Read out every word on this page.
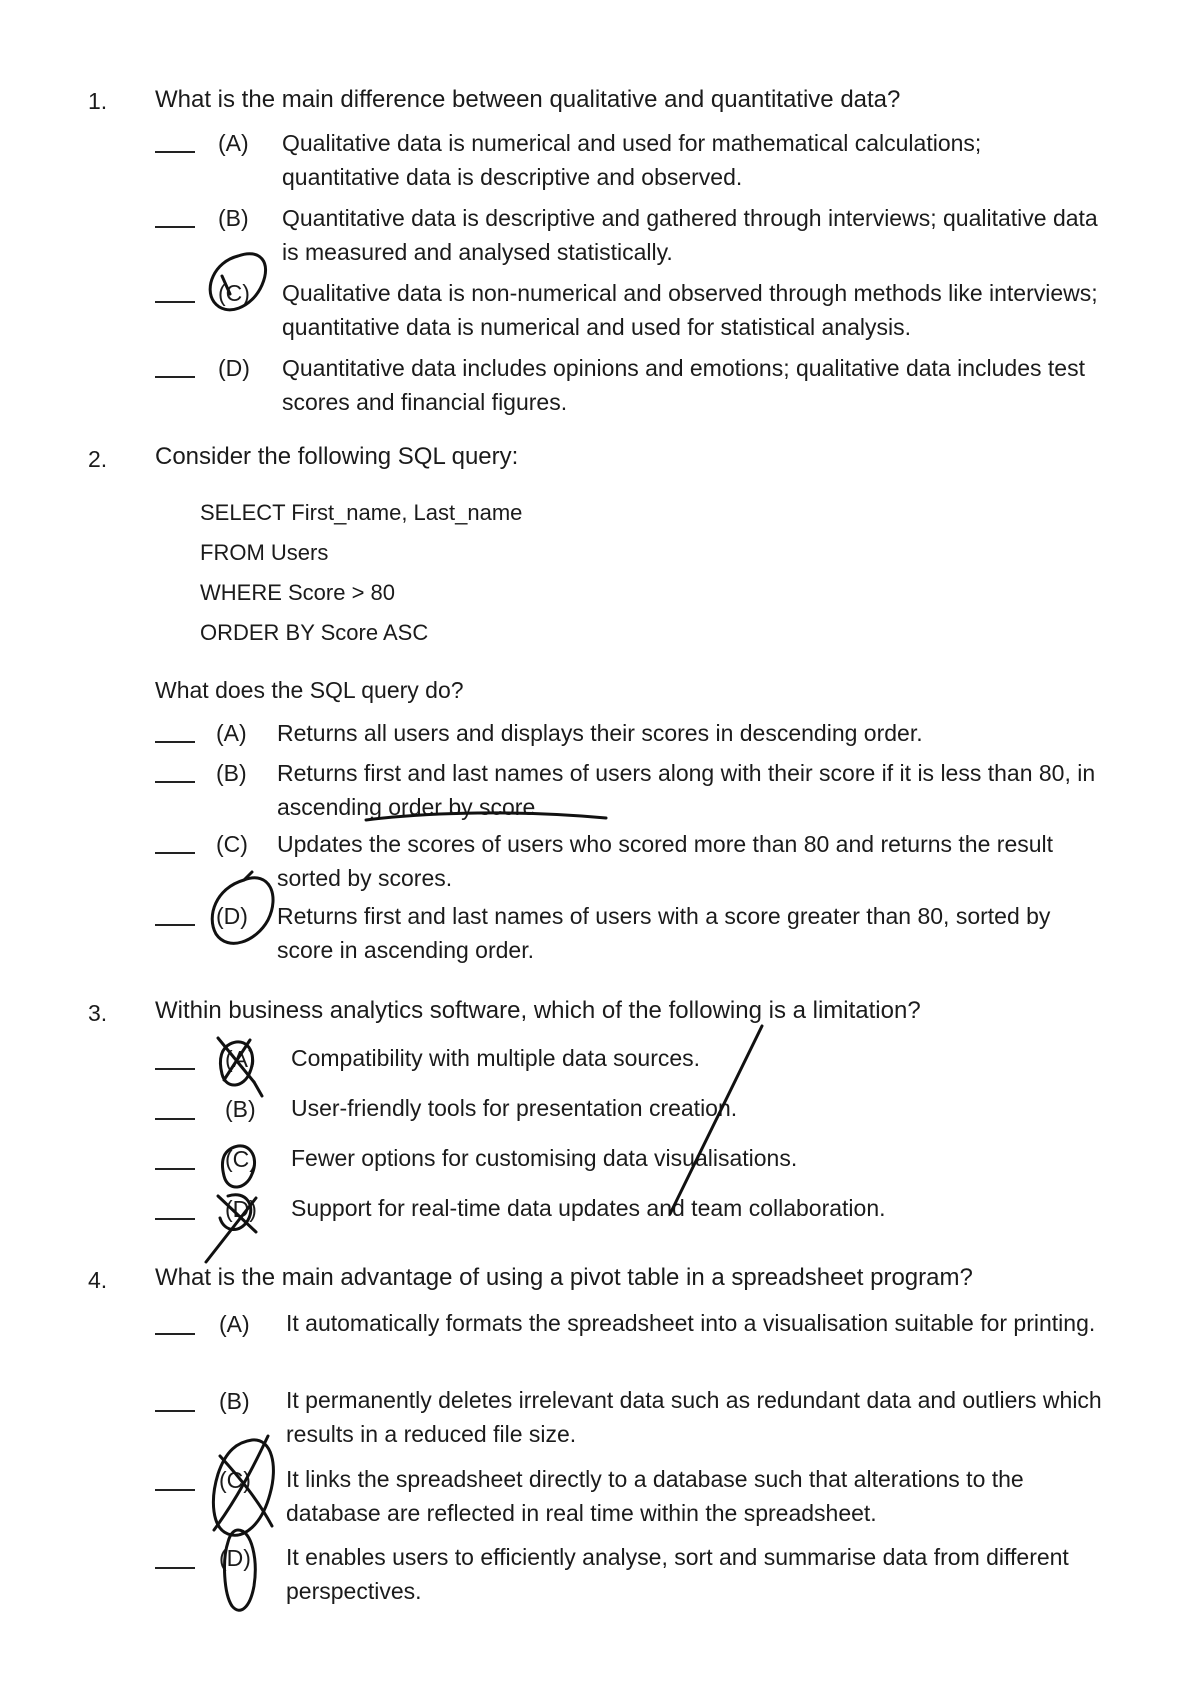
1. What is the main difference between qualitative and quantitative data?

(A) Qualitative data is numerical and used for mathematical calculations; quantitative data is descriptive and observed.

(B) Quantitative data is descriptive and gathered through interviews; qualitative data is measured and analysed statistically.

(C) Qualitative data is non-numerical and observed through methods like interviews; quantitative data is numerical and used for statistical analysis.

(D) Quantitative data includes opinions and emotions; qualitative data includes test scores and financial figures.

2. Consider the following SQL query:

SELECT First_name, Last_name

FROM Users

WHERE Score > 80

ORDER BY Score ASC

What does the SQL query do?

(A) Returns all users and displays their scores in descending order.

(B) Returns first and last names of users along with their score if it is less than 80, in ascending order by score.

(C) Updates the scores of users who scored more than 80 and returns the result sorted by scores.

(D) Returns first and last names of users with a score greater than 80, sorted by score in ascending order.

3. Within business analytics software, which of the following is a limitation?

(A) Compatibility with multiple data sources.

(B) User-friendly tools for presentation creation.

(C) Fewer options for customising data visualisations.

(D) Support for real-time data updates and team collaboration.

4. What is the main advantage of using a pivot table in a spreadsheet program?

(A) It automatically formats the spreadsheet into a visualisation suitable for printing.

(B) It permanently deletes irrelevant data such as redundant data and outliers which results in a reduced file size.

(C) It links the spreadsheet directly to a database such that alterations to the database are reflected in real time within the spreadsheet.

(D) It enables users to efficiently analyse, sort and summarise data from different perspectives.
